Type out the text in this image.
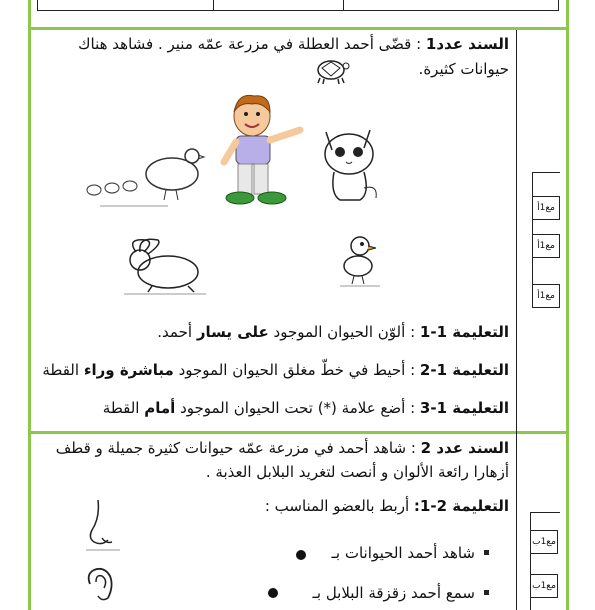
السند عدد1 : قضّى أحمد العطلة في مزرعة عمّه منير . فشاهد هناك
حيوانات كثيرة.
مع1أ
مع1أ
مع1أ
التعليمة 1-1 : ألوّن الحيوان الموجود على يسار أحمد.
التعليمة 1-2 : أحيط في خطّ مغلق الحيوان الموجود مباشرة وراء القطة
التعليمة 1-3 : أضع علامة (*) تحت الحيوان الموجود أمام القطة
السند عدد 2 : شاهد أحمد في مزرعة عمّه حيوانات كثيرة جميلة و قطف
أزهارا رائعة الألوان و أنصت لتغريد البلابل العذبة .
التعليمة 2-1: أربط بالعضو المناسب :
شاهد أحمد الحيوانات بـ
سمع أحمد زقزقة البلابل بـ
مع1ب
مع1ب
